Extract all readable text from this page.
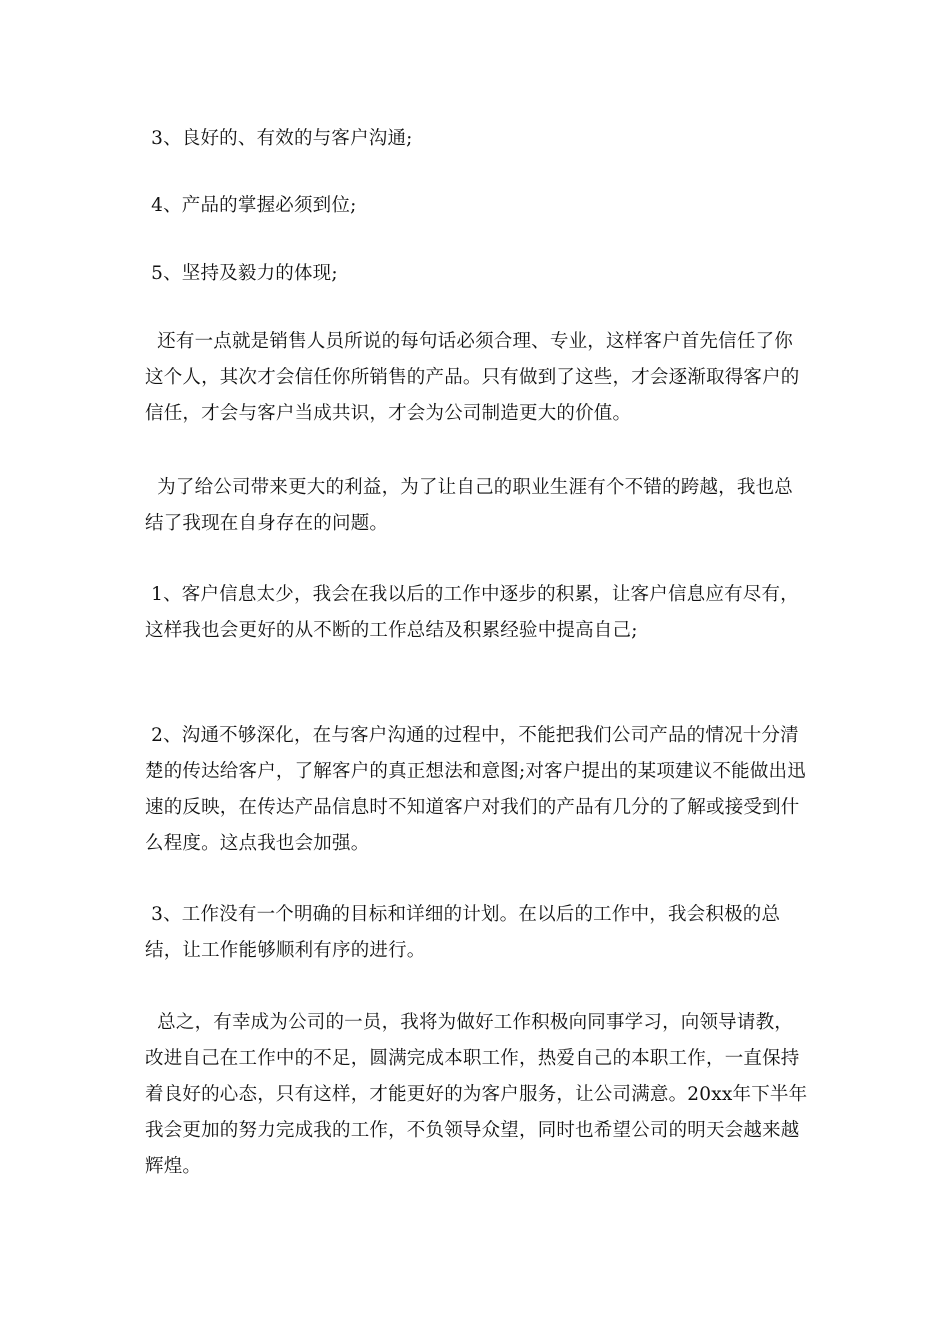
3、良好的、有效的与客户沟通;

4、产品的掌握必须到位;

5、坚持及毅力的体现;

还有一点就是销售人员所说的每句话必须合理、专业，这样客户首先信任了你这个人，其次才会信任你所销售的产品。只有做到了这些，才会逐渐取得客户的信任，才会与客户当成共识，才会为公司制造更大的价值。

为了给公司带来更大的利益，为了让自己的职业生涯有个不错的跨越，我也总结了我现在自身存在的问题。

1、客户信息太少，我会在我以后的工作中逐步的积累，让客户信息应有尽有，这样我也会更好的从不断的工作总结及积累经验中提高自己;

2、沟通不够深化，在与客户沟通的过程中，不能把我们公司产品的情况十分清楚的传达给客户，了解客户的真正想法和意图;对客户提出的某项建议不能做出迅速的反映，在传达产品信息时不知道客户对我们的产品有几分的了解或接受到什么程度。这点我也会加强。

3、工作没有一个明确的目标和详细的计划。在以后的工作中，我会积极的总结，让工作能够顺利有序的进行。

总之，有幸成为公司的一员，我将为做好工作积极向同事学习，向领导请教，改进自己在工作中的不足，圆满完成本职工作，热爱自己的本职工作，一直保持着良好的心态，只有这样，才能更好的为客户服务，让公司满意。20xx年下半年我会更加的努力完成我的工作，不负领导众望，同时也希望公司的明天会越来越辉煌。
